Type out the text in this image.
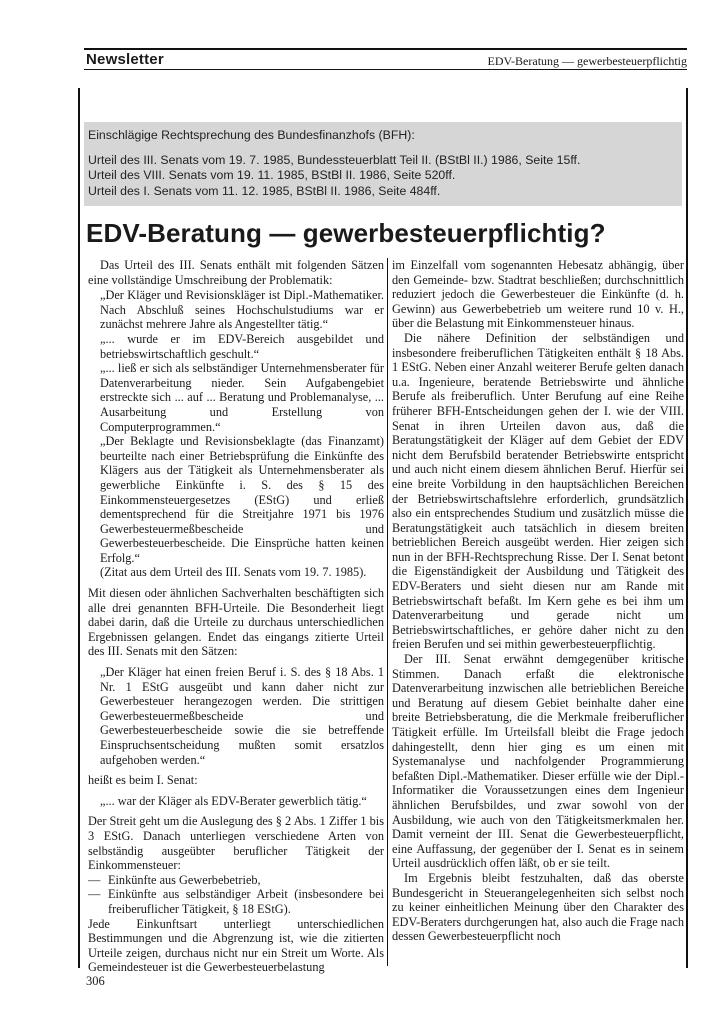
Newsletter	EDV-Beratung — gewerbesteuerpflichtig
Einschlägige Rechtsprechung des Bundesfinanzhofs (BFH):
Urteil des III. Senats vom 19. 7. 1985, Bundessteuerblatt Teil II. (BStBl II.) 1986, Seite 15ff.
Urteil des VIII. Senats vom 19. 11. 1985, BStBl II. 1986, Seite 520ff.
Urteil des I. Senats vom 11. 12. 1985, BStBl II. 1986, Seite 484ff.
EDV-Beratung — gewerbesteuerpflichtig?

Das Urteil des III. Senats enthält mit folgenden Sätzen eine vollständige Umschreibung der Problematik:

„Der Kläger und Revisionskläger ist Dipl.-Mathematiker. Nach Abschluß seines Hochschulstudiums war er zunächst mehrere Jahre als Angestellter tätig.“

„... wurde er im EDV-Bereich ausgebildet und betriebswirtschaftlich geschult.“

„... ließ er sich als selbständiger Unternehmensberater für Datenverarbeitung nieder. Sein Aufgabengebiet erstreckte sich ... auf ... Beratung und Problemanalyse, ... Ausarbeitung und Erstellung von Computerprogrammen.“

„Der Beklagte und Revisionsbeklagte (das Finanzamt) beurteilte nach einer Betriebsprüfung die Einkünfte des Klägers aus der Tätigkeit als Unternehmensberater als gewerbliche Einkünfte i. S. des § 15 des Einkommensteuergesetzes (EStG) und erließ dementsprechend für die Streitjahre 1971 bis 1976 Gewerbesteuermeßbescheide und Gewerbesteuerbescheide. Die Einsprüche hatten keinen Erfolg.“

(Zitat aus dem Urteil des III. Senats vom 19. 7. 1985).

Mit diesen oder ähnlichen Sachverhalten beschäftigten sich alle drei genannten BFH-Urteile. Die Besonderheit liegt dabei darin, daß die Urteile zu durchaus unterschiedlichen Ergebnissen gelangen. Endet das eingangs zitierte Urteil des III. Senats mit den Sätzen:

„Der Kläger hat einen freien Beruf i. S. des § 18 Abs. 1 Nr. 1 EStG ausgeübt und kann daher nicht zur Gewerbesteuer herangezogen werden. Die strittigen Gewerbesteuermeßbescheide und Gewerbesteuerbescheide sowie die sie betreffende Einspruchsentscheidung mußten somit ersatzlos aufgehoben werden.“

heißt es beim I. Senat:

„... war der Kläger als EDV-Berater gewerblich tätig.“

Der Streit geht um die Auslegung des § 2 Abs. 1 Ziffer 1 bis 3 EStG. Danach unterliegen verschiedene Arten von selbständig ausgeübter beruflicher Tätigkeit der Einkommensteuer:

— Einkünfte aus Gewerbebetrieb,
— Einkünfte aus selbständiger Arbeit (insbesondere bei freiberuflicher Tätigkeit, § 18 EStG).

Jede Einkunftsart unterliegt unterschiedlichen Bestimmungen und die Abgrenzung ist, wie die zitierten Urteile zeigen, durchaus nicht nur ein Streit um Worte. Als Gemeindesteuer ist die Gewerbesteuerbelastung

im Einzelfall vom sogenannten Hebesatz abhängig, über den Gemeinde- bzw. Stadtrat beschließen; durchschnittlich reduziert jedoch die Gewerbesteuer die Einkünfte (d. h. Gewinn) aus Gewerbebetrieb um weitere rund 10 v. H., über die Belastung mit Einkommensteuer hinaus.

Die nähere Definition der selbständigen und insbesondere freiberuflichen Tätigkeiten enthält § 18 Abs. 1 EStG. Neben einer Anzahl weiterer Berufe gelten danach u.a. Ingenieure, beratende Betriebswirte und ähnliche Berufe als freiberuflich. Unter Berufung auf eine Reihe früherer BFH-Entscheidungen gehen der I. wie der VIII. Senat in ihren Urteilen davon aus, daß die Beratungstätigkeit der Kläger auf dem Gebiet der EDV nicht dem Berufsbild beratender Betriebswirte entspricht und auch nicht einem diesem ähnlichen Beruf. Hierfür sei eine breite Vorbildung in den hauptsächlichen Bereichen der Betriebswirtschaftslehre erforderlich, grundsätzlich also ein entsprechendes Studium und zusätzlich müsse die Beratungstätigkeit auch tatsächlich in diesem breiten betrieblichen Bereich ausgeübt werden. Hier zeigen sich nun in der BFH-Rechtsprechung Risse. Der I. Senat betont die Eigenständigkeit der Ausbildung und Tätigkeit des EDV-Beraters und sieht diesen nur am Rande mit Betriebswirtschaft befaßt. Im Kern gehe es bei ihm um Datenverarbeitung und gerade nicht um Betriebswirtschaftliches, er gehöre daher nicht zu den freien Berufen und sei mithin gewerbesteuerpflichtig.

Der III. Senat erwähnt demgegenüber kritische Stimmen. Danach erfaßt die elektronische Datenverarbeitung inzwischen alle betrieblichen Bereiche und Beratung auf diesem Gebiet beinhalte daher eine breite Betriebsberatung, die die Merkmale freiberuflicher Tätigkeit erfülle. Im Urteilsfall bleibt die Frage jedoch dahingestellt, denn hier ging es um einen mit Systemanalyse und nachfolgender Programmierung befaßten Dipl.-Mathematiker. Dieser erfülle wie der Dipl.-Informatiker die Voraussetzungen eines dem Ingenieur ähnlichen Berufsbildes, und zwar sowohl von der Ausbildung, wie auch von den Tätigkeitsmerkmalen her. Damit verneint der III. Senat die Gewerbesteuerpflicht, eine Auffassung, der gegenüber der I. Senat es in seinem Urteil ausdrücklich offen läßt, ob er sie teilt.

Im Ergebnis bleibt festzuhalten, daß das oberste Bundesgericht in Steuerangelegenheiten sich selbst noch zu keiner einheitlichen Meinung über den Charakter des EDV-Beraters durchgerungen hat, also auch die Frage nach dessen Gewerbesteuerpflicht noch

306
